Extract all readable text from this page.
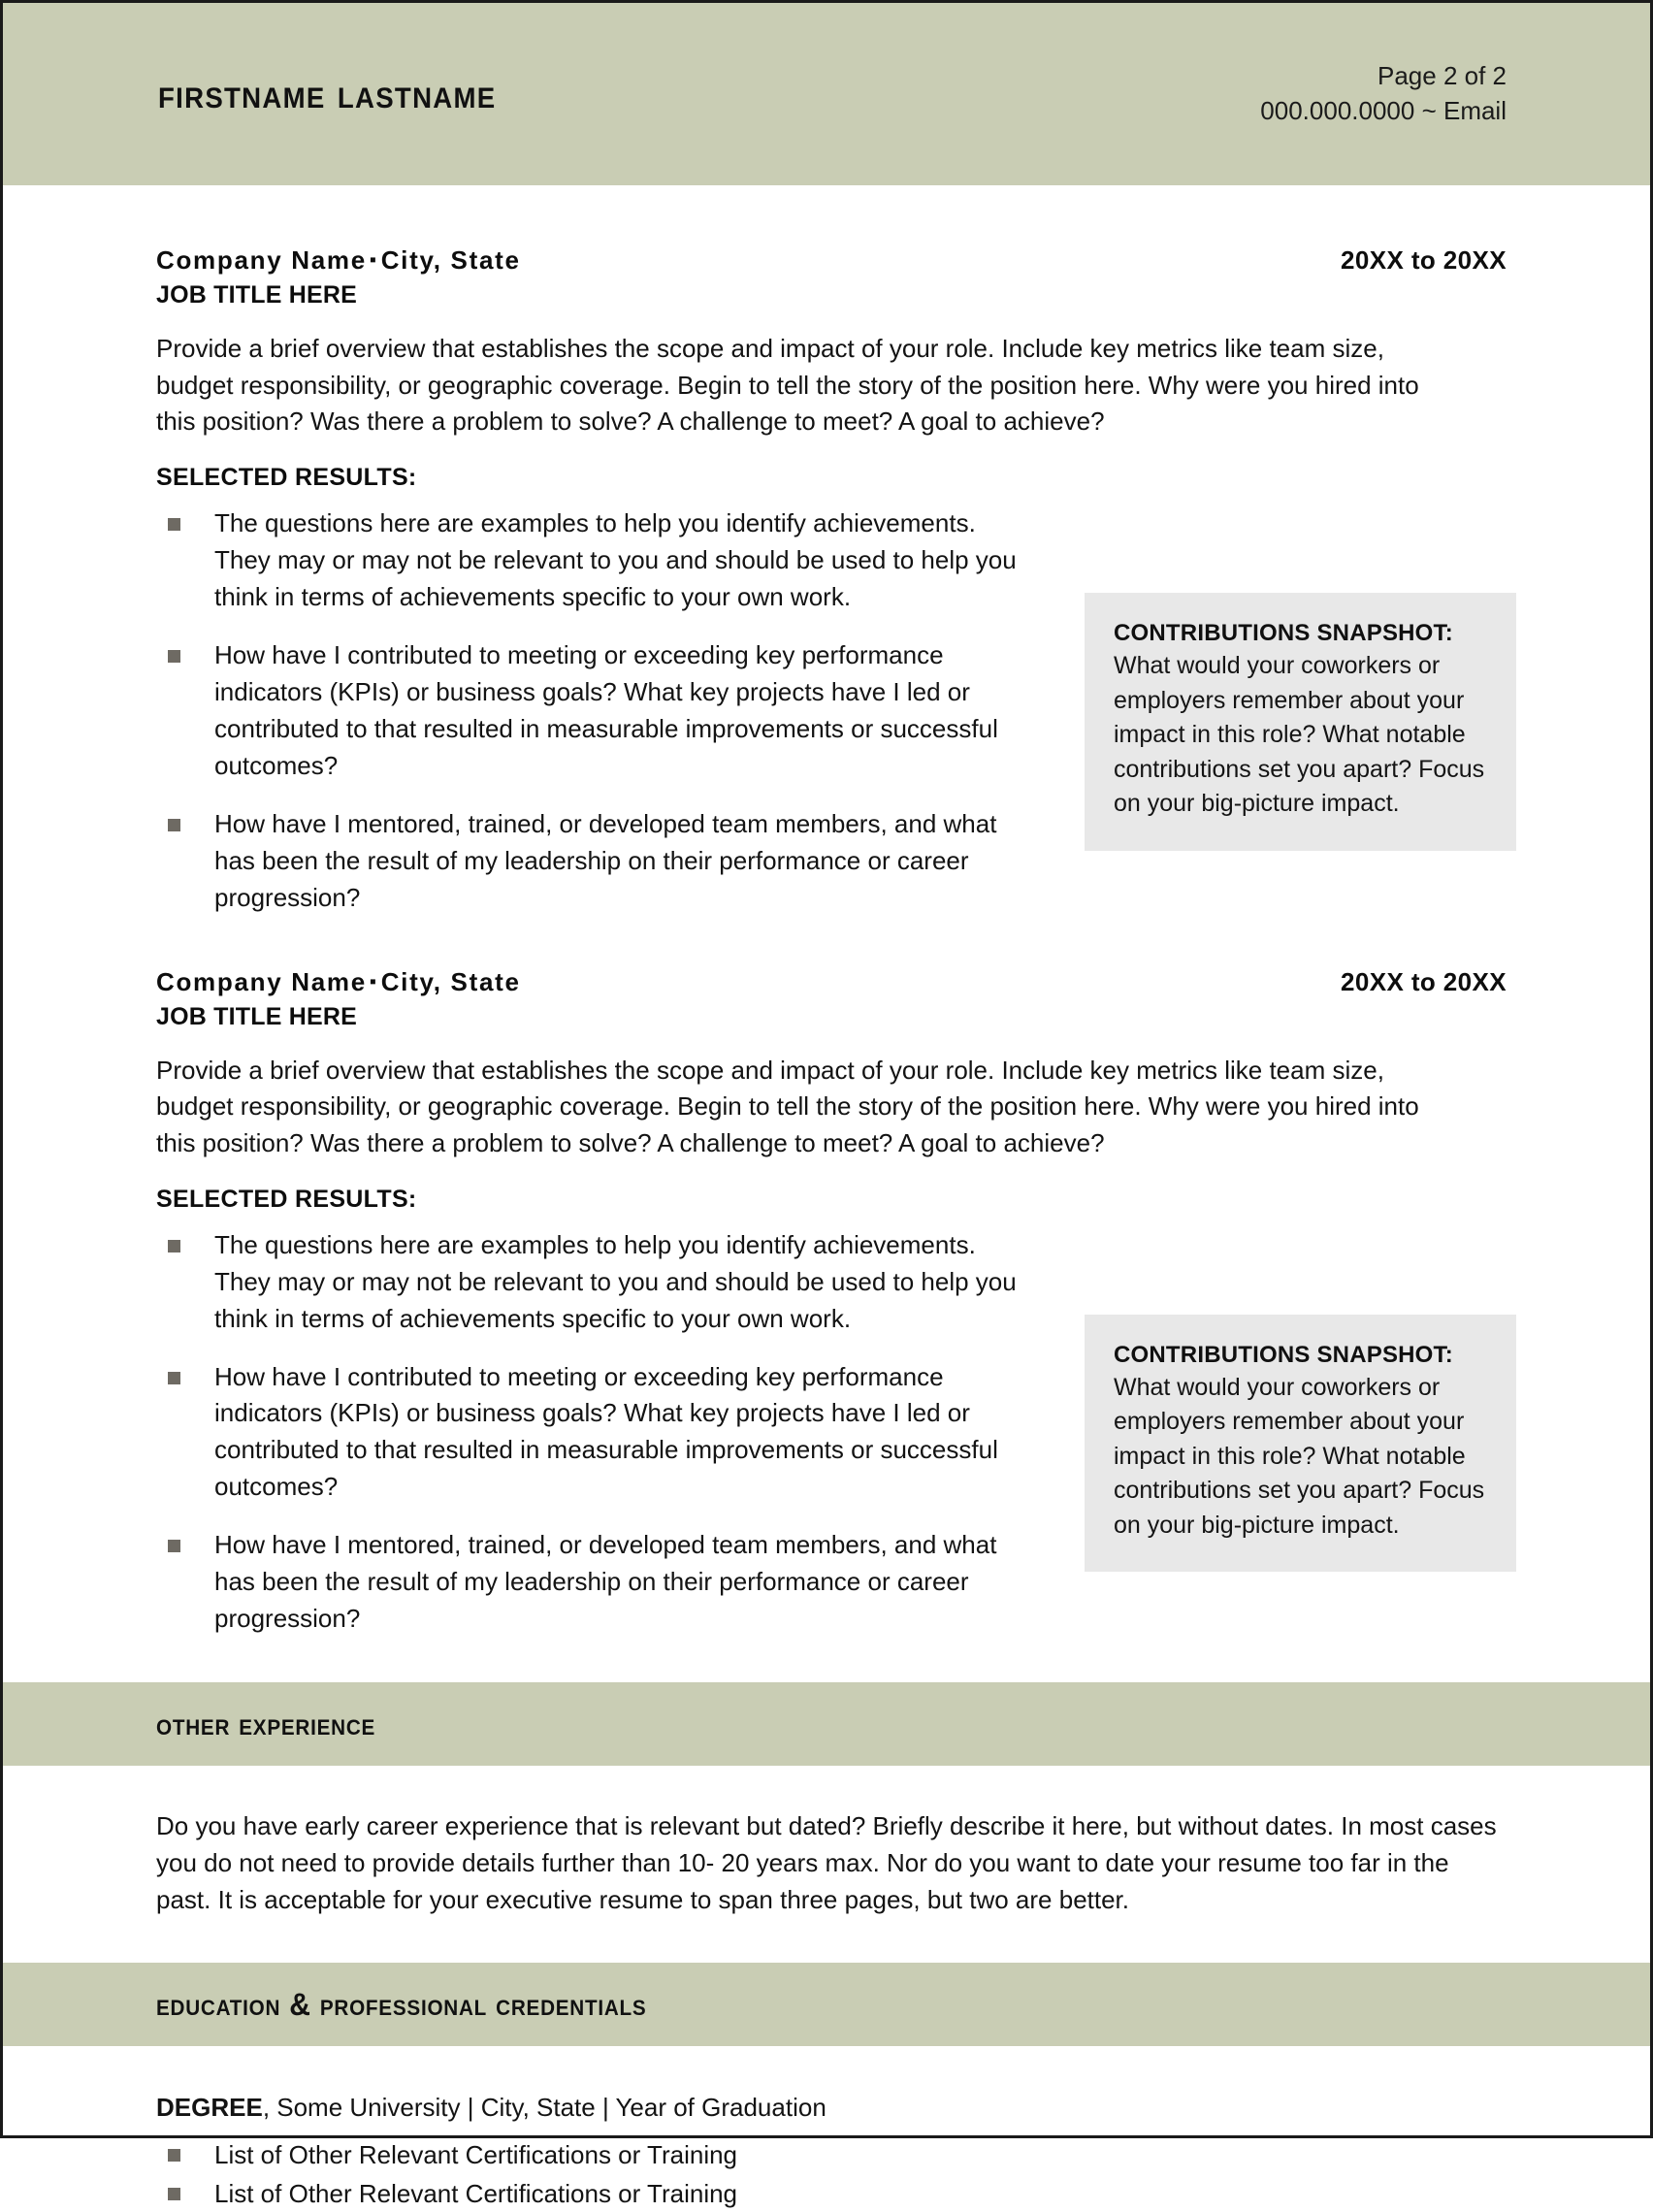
firstname lastname	Page 2 of 2
000.000.0000 ~ Email
Company Name ▪ City, State	20XX to 20XX
JOB TITLE HERE
Provide a brief overview that establishes the scope and impact of your role. Include key metrics like team size, budget responsibility, or geographic coverage. Begin to tell the story of the position here. Why were you hired into this position? Was there a problem to solve? A challenge to meet? A goal to achieve?
SELECTED RESULTS:
The questions here are examples to help you identify achievements. They may or may not be relevant to you and should be used to help you think in terms of achievements specific to your own work.
How have I contributed to meeting or exceeding key performance indicators (KPIs) or business goals? What key projects have I led or contributed to that resulted in measurable improvements or successful outcomes?
How have I mentored, trained, or developed team members, and what has been the result of my leadership on their performance or career progression?
CONTRIBUTIONS SNAPSHOT:
What would your coworkers or employers remember about your impact in this role? What notable contributions set you apart? Focus on your big-picture impact.
Company Name ▪ City, State	20XX to 20XX
JOB TITLE HERE
Provide a brief overview that establishes the scope and impact of your role. Include key metrics like team size, budget responsibility, or geographic coverage. Begin to tell the story of the position here. Why were you hired into this position? Was there a problem to solve? A challenge to meet? A goal to achieve?
SELECTED RESULTS:
The questions here are examples to help you identify achievements. They may or may not be relevant to you and should be used to help you think in terms of achievements specific to your own work.
How have I contributed to meeting or exceeding key performance indicators (KPIs) or business goals? What key projects have I led or contributed to that resulted in measurable improvements or successful outcomes?
How have I mentored, trained, or developed team members, and what has been the result of my leadership on their performance or career progression?
CONTRIBUTIONS SNAPSHOT:
What would your coworkers or employers remember about your impact in this role? What notable contributions set you apart? Focus on your big-picture impact.
other experience
Do you have early career experience that is relevant but dated? Briefly describe it here, but without dates. In most cases you do not need to provide details further than 10- 20 years max. Nor do you want to date your resume too far in the past. It is acceptable for your executive resume to span three pages, but two are better.
education & professional credentials
DEGREE, Some University | City, State | Year of Graduation
List of Other Relevant Certifications or Training
List of Other Relevant Certifications or Training
